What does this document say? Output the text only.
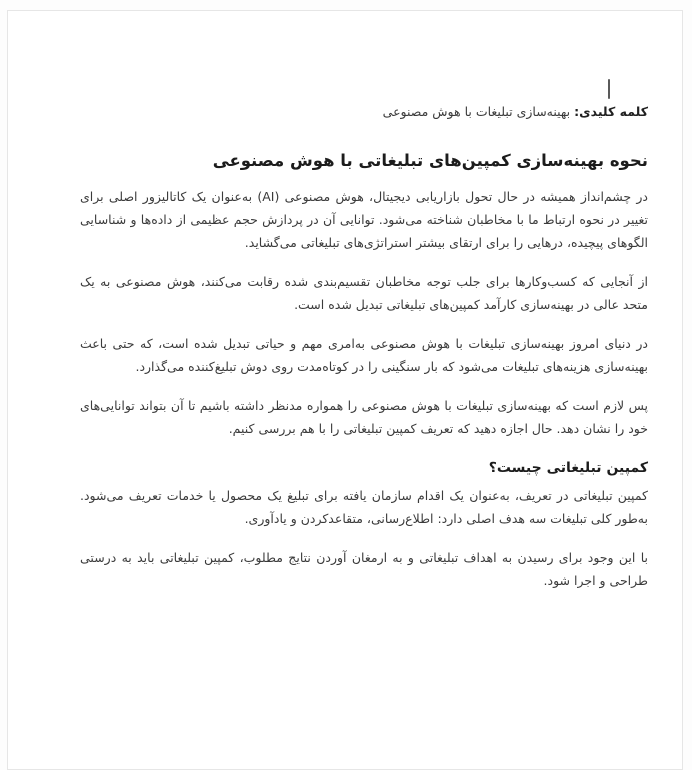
کلمه کلیدی: بهینه‌سازی تبلیغات با هوش مصنوعی

نحوه بهینه‌سازی کمپین‌های تبلیغاتی با هوش مصنوعی

در چشم‌انداز همیشه در حال تحول بازاریابی دیجیتال، هوش مصنوعی (AI) به‌عنوان یک کاتالیزور اصلی برای تغییر در نحوه ارتباط ما با مخاطبان شناخته می‌شود. توانایی آن در پردازش حجم عظیمی از داده‌ها و شناسایی الگوهای پیچیده، درهایی را برای ارتقای بیشتر استراتژی‌های تبلیغاتی می‌گشاید.

از آنجایی که کسب‌وکارها برای جلب توجه مخاطبان تقسیم‌بندی شده رقابت می‌کنند، هوش مصنوعی به یک متحد عالی در بهینه‌سازی کارآمد کمپین‌های تبلیغاتی تبدیل شده است.

در دنیای امروز بهینه‌سازی تبلیغات با هوش مصنوعی به‌امری مهم و حیاتی تبدیل شده است، که حتی باعث بهینه‌سازی هزینه‌های تبلیغات می‌شود که بار سنگینی را در کوتاه‌مدت روی دوش تبلیغ‌کننده می‌گذارد.

پس لازم است که بهینه‌سازی تبلیغات با هوش مصنوعی را همواره مدنظر داشته باشیم تا آن بتواند توانایی‌های خود را نشان دهد. حال اجازه دهید که تعریف کمپین تبلیغاتی را با هم بررسی کنیم.

کمپین تبلیغاتی چیست؟

کمپین تبلیغاتی در تعریف، به‌عنوان یک اقدام سازمان یافته برای تبلیغ یک محصول یا خدمات تعریف می‌شود. به‌طور کلی تبلیغات سه هدف اصلی دارد: اطلاع‌رسانی، متقاعدکردن و یادآوری.

با این وجود برای رسیدن به اهداف تبلیغاتی و به ارمغان آوردن نتایج مطلوب، کمپین تبلیغاتی باید به درستی طراحی و اجرا شود.
